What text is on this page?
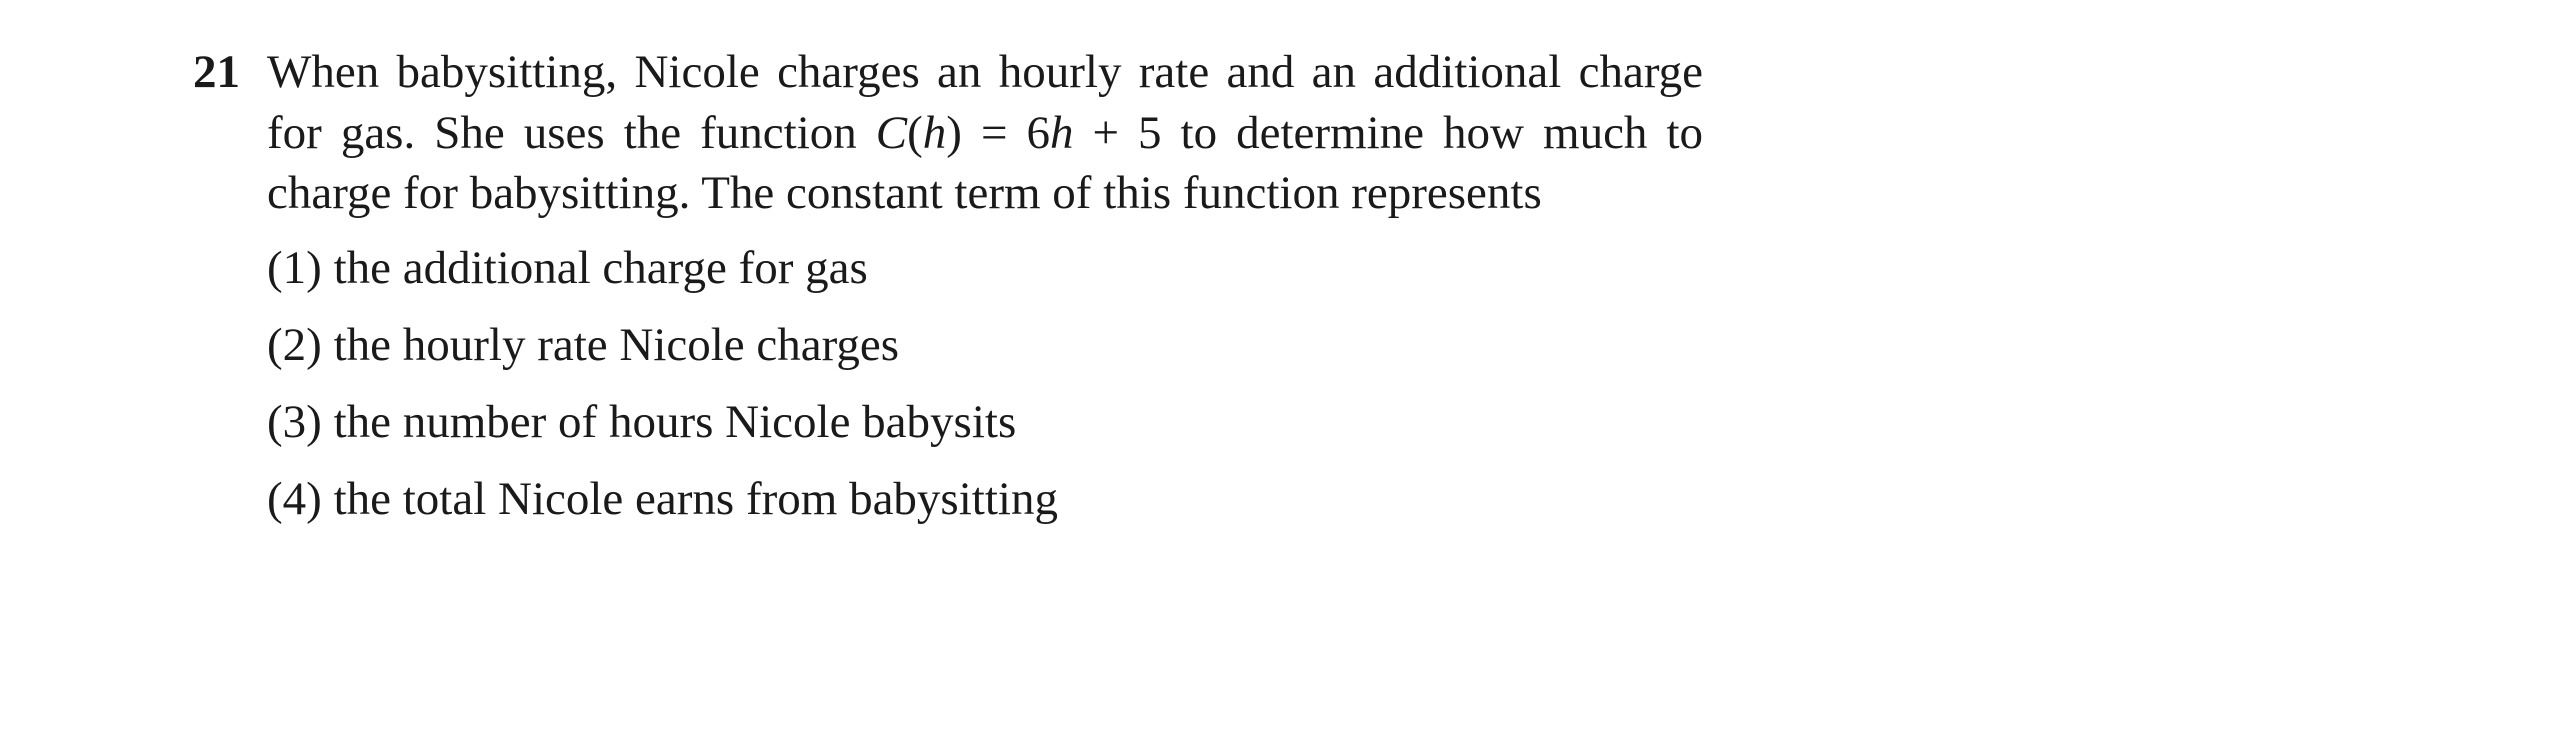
21 When babysitting, Nicole charges an hourly rate and an additional charge for gas. She uses the function C(h) = 6h + 5 to determine how much to charge for babysitting. The constant term of this function represents
(1) the additional charge for gas
(2) the hourly rate Nicole charges
(3) the number of hours Nicole babysits
(4) the total Nicole earns from babysitting
